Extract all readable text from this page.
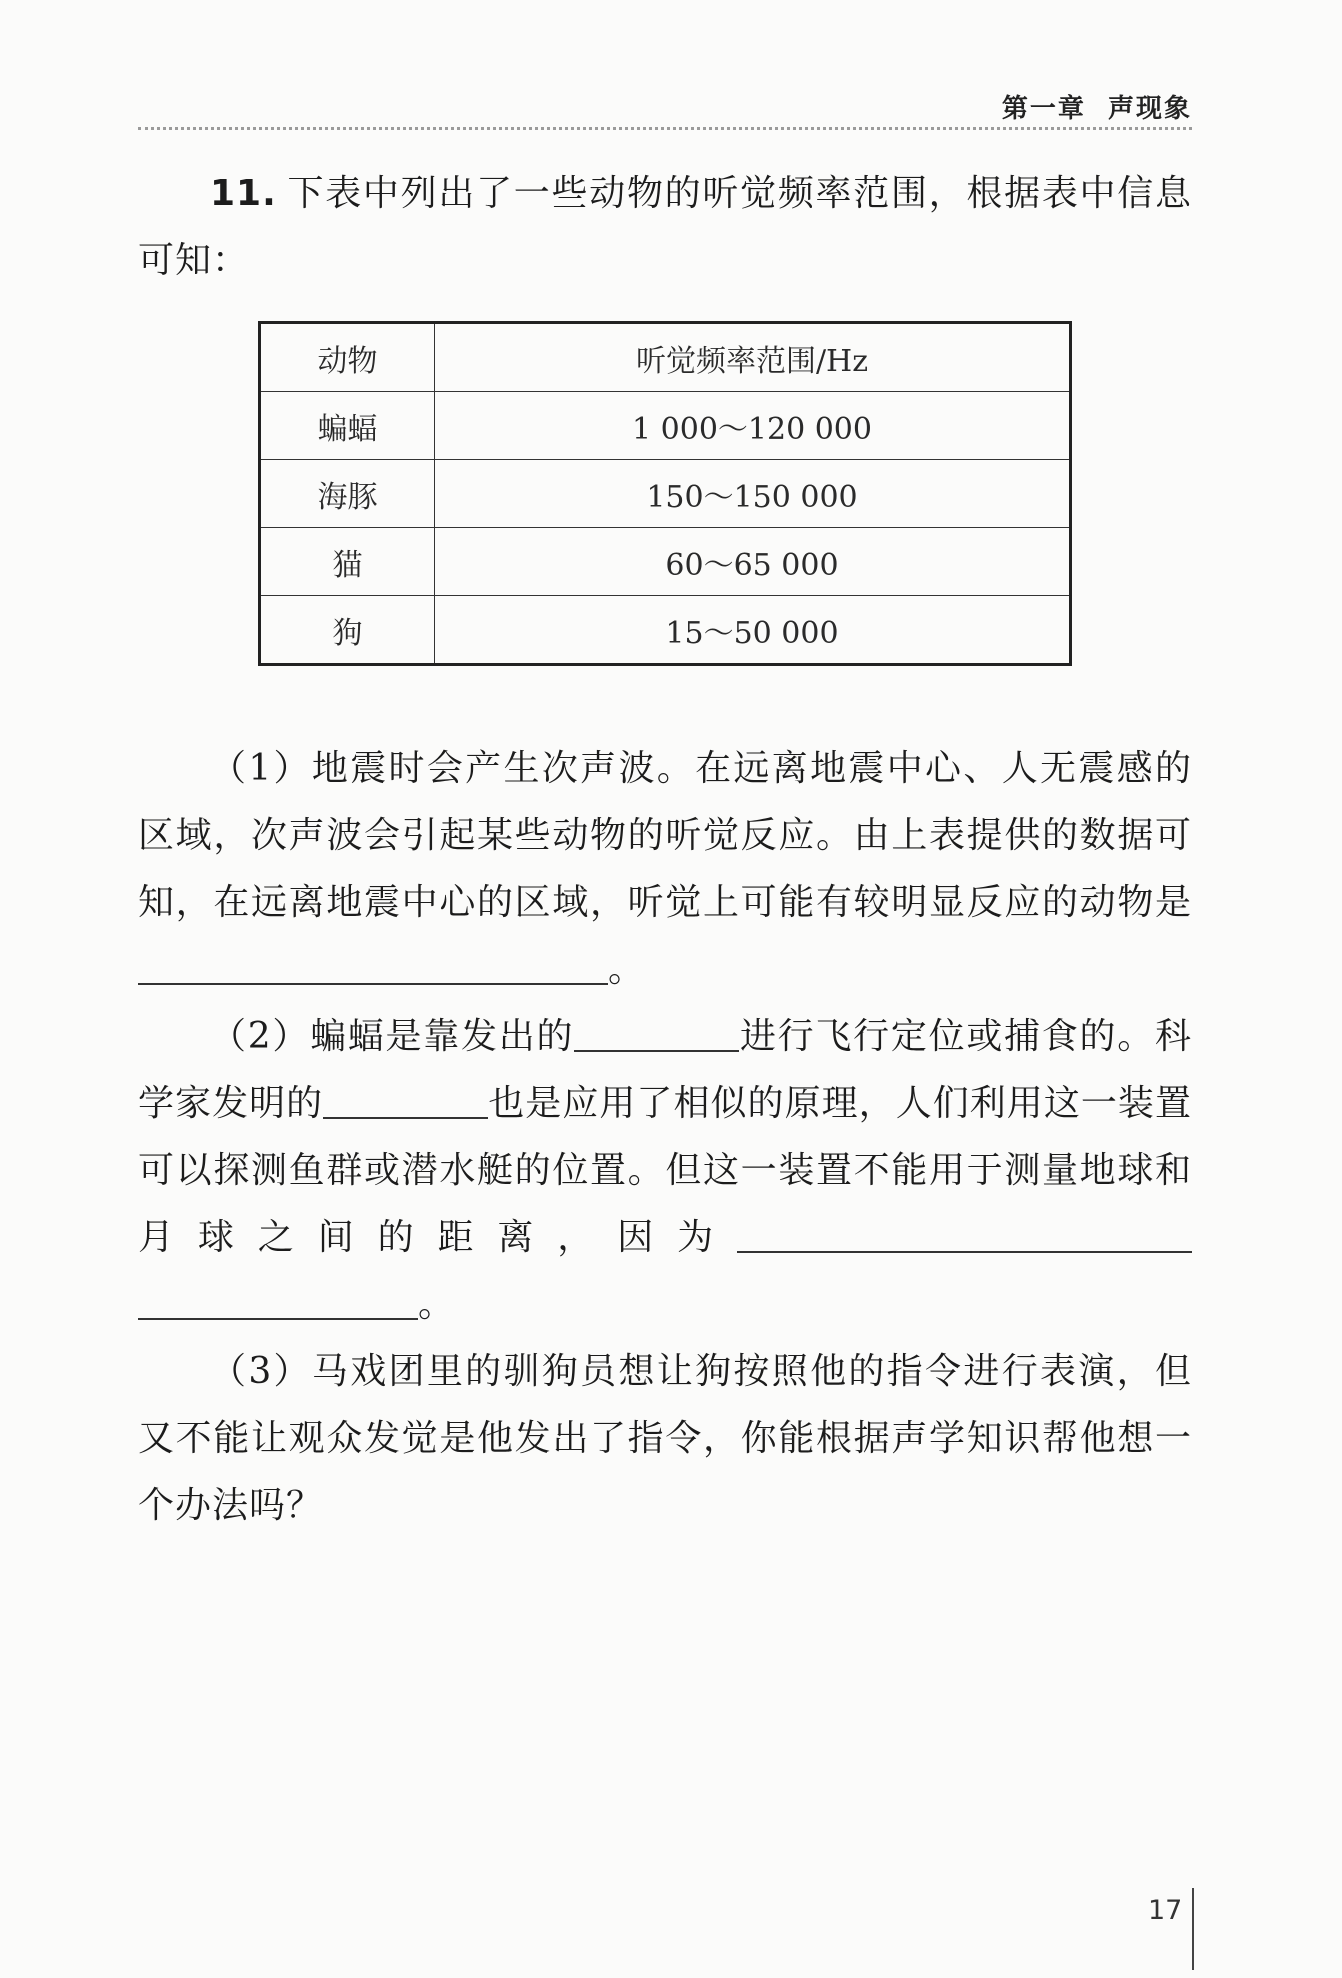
第一章  声现象

11. 下表中列出了一些动物的听觉频率范围，根据表中信息可知：

动物	听觉频率范围/Hz
蝙蝠	1 000～120 000
海豚	150～150 000
猫	60～65 000
狗	15～50 000

（1）地震时会产生次声波。在远离地震中心、人无震感的区域，次声波会引起某些动物的听觉反应。由上表提供的数据可知，在远离地震中心的区域，听觉上可能有较明显反应的动物是。

（2）蝙蝠是靠发出的	进行飞行定位或捕食的。科学家发明的	也是应用了相似的原理，人们利用这一装置可以探测鱼群或潜水艇的位置。但这一装置不能用于测量地球和月球之间的距离，因为。

（3）马戏团里的驯狗员想让狗按照他的指令进行表演，但又不能让观众发觉是他发出了指令，你能根据声学知识帮他想一个办法吗？

17
